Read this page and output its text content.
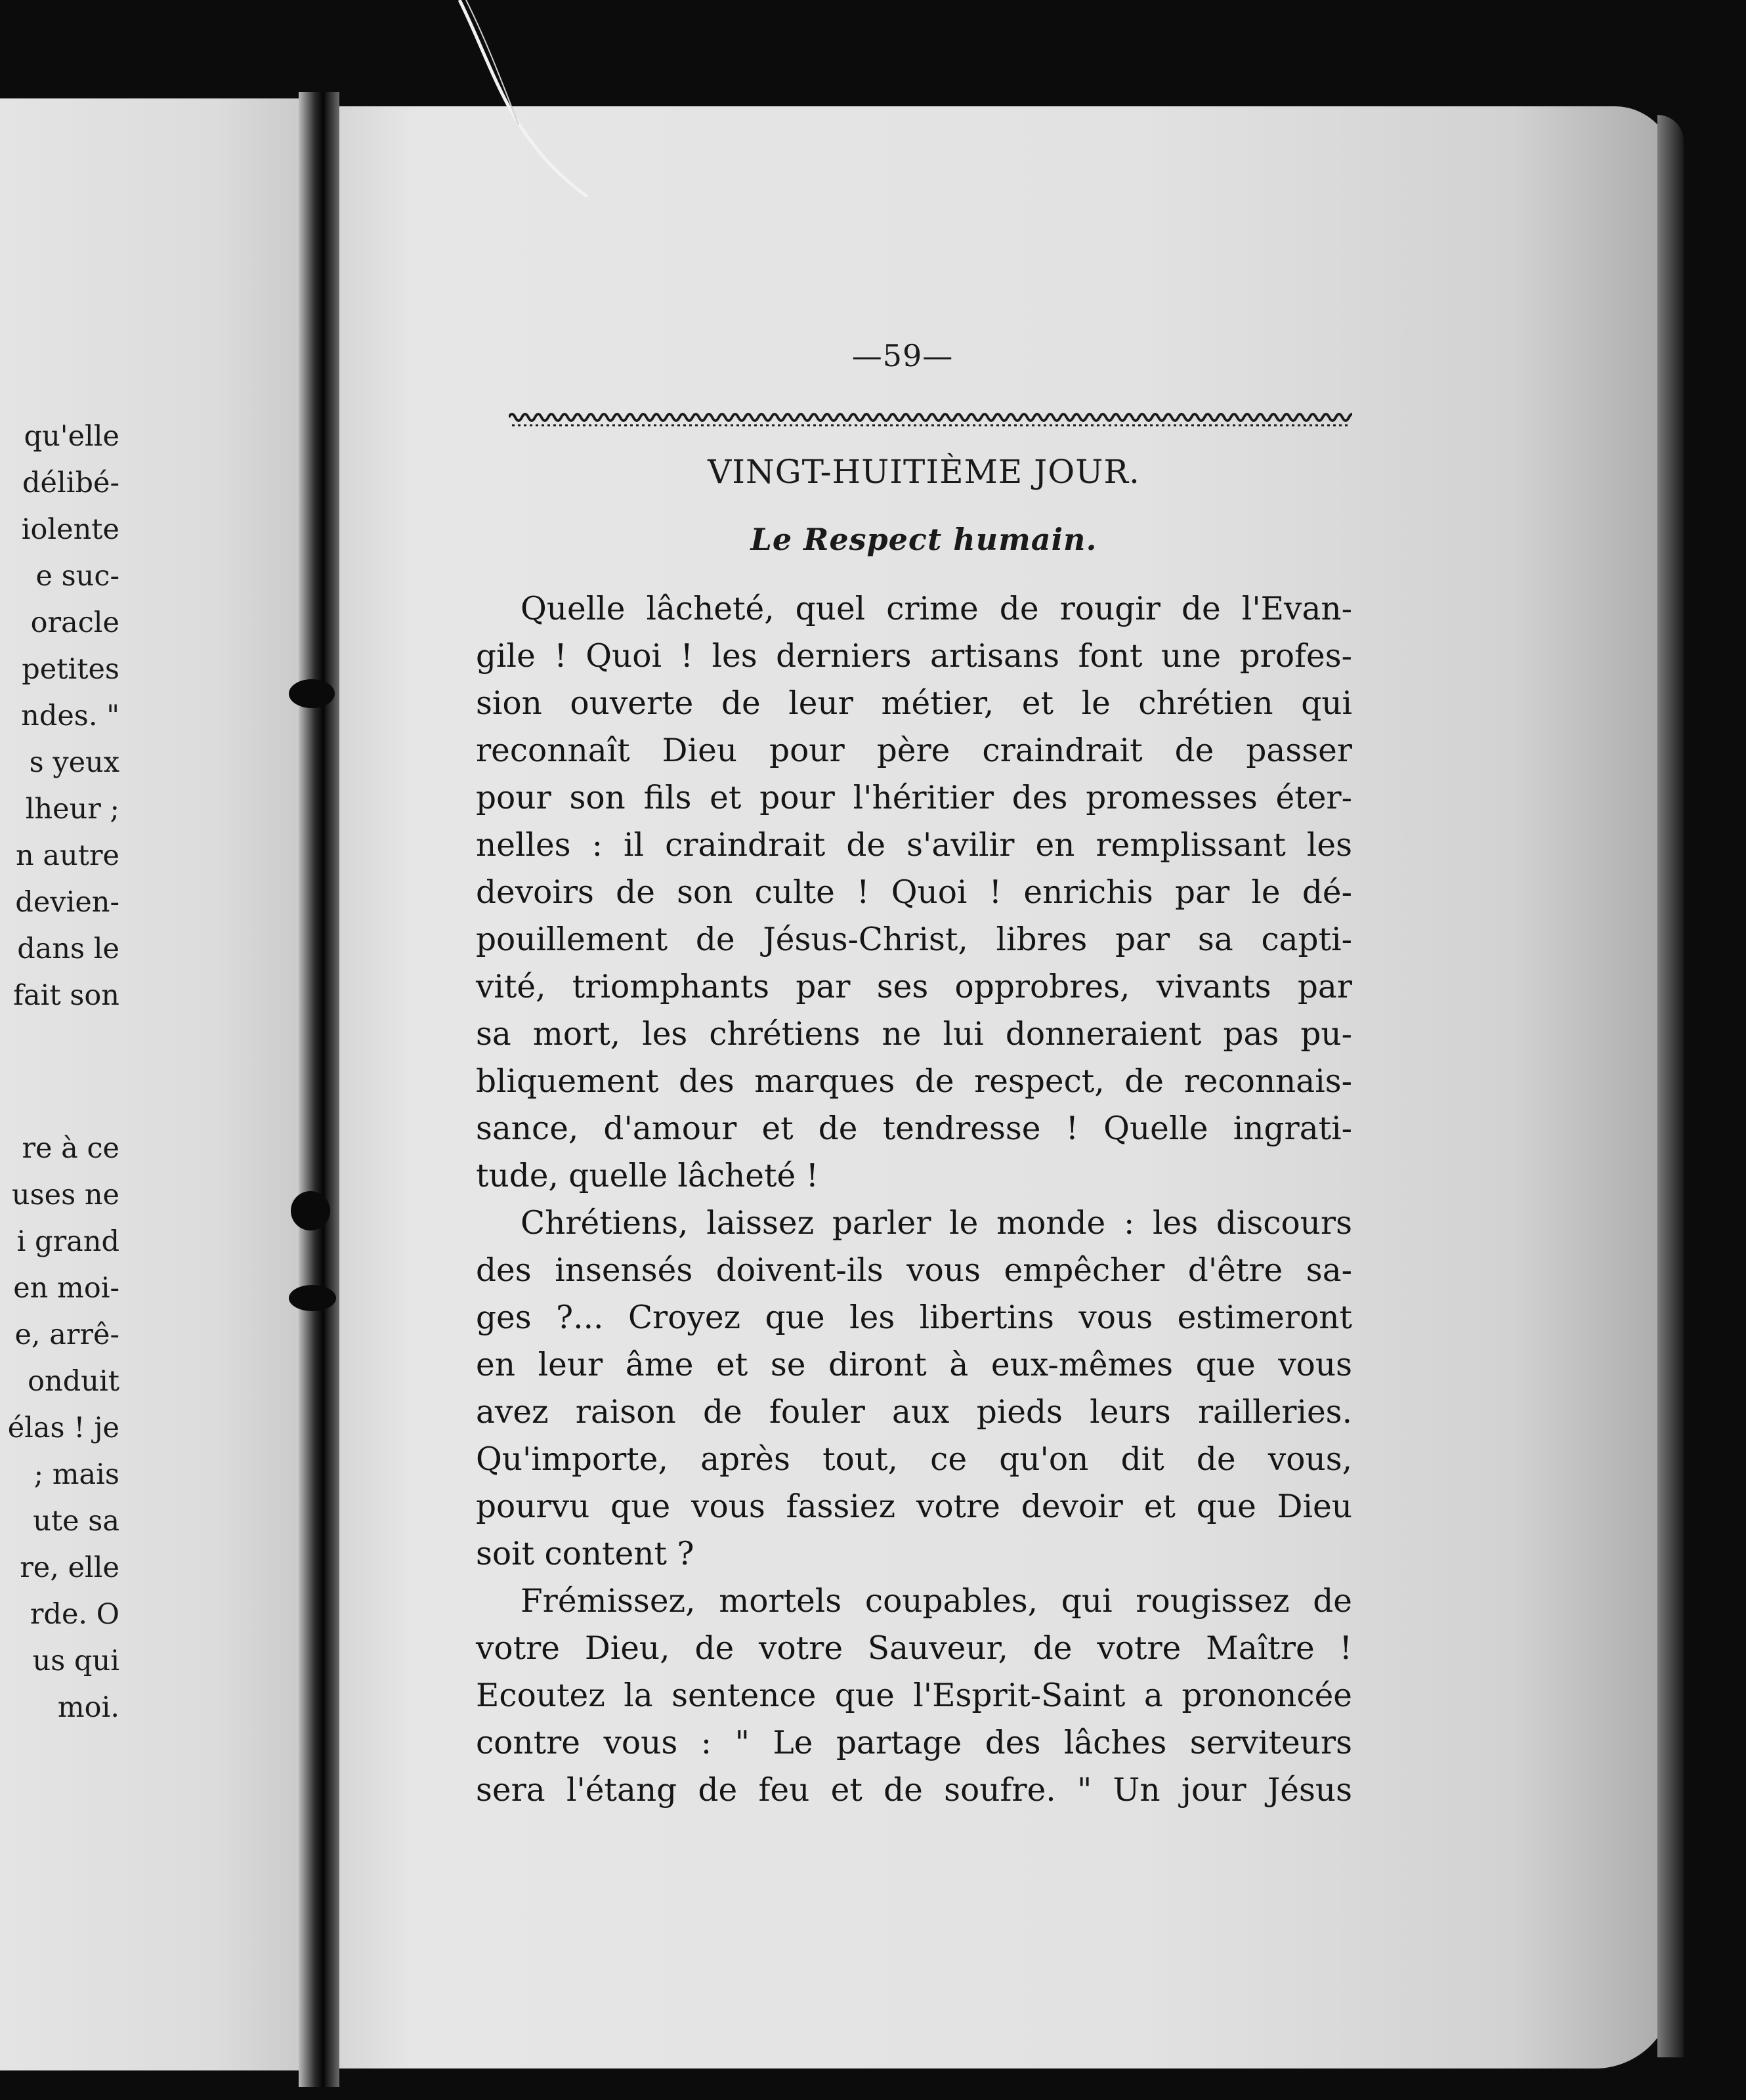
qu'elle
délibé-
iolente
e suc-
oracle
petites
ndes. "
s yeux
lheur ;
n autre
devien-
dans le
fait son
re à ce
uses ne
i grand
en moi-
e, arrê-
onduit
élas ! je
; mais
ute sa
re, elle
rde. O
us qui
moi.
—59—
VINGT-HUITIÈME JOUR.
Le Respect humain.
Quelle lâcheté, quel crime de rougir de l'Evan-
gile ! Quoi ! les derniers artisans font une profes-
sion ouverte de leur métier, et le chrétien qui
reconnaît Dieu pour père craindrait de passer
pour son fils et pour l'héritier des promesses éter-
nelles : il craindrait de s'avilir en remplissant les
devoirs de son culte ! Quoi ! enrichis par le dé-
pouillement de Jésus-Christ, libres par sa capti-
vité, triomphants par ses opprobres, vivants par
sa mort, les chrétiens ne lui donneraient pas pu-
bliquement des marques de respect, de reconnais-
sance, d'amour et de tendresse ! Quelle ingrati-
tude, quelle lâcheté !
Chrétiens, laissez parler le monde : les discours
des insensés doivent-ils vous empêcher d'être sa-
ges ?... Croyez que les libertins vous estimeront
en leur âme et se diront à eux-mêmes que vous
avez raison de fouler aux pieds leurs railleries.
Qu'importe, après tout, ce qu'on dit de vous,
pourvu que vous fassiez votre devoir et que Dieu
soit content ?
Frémissez, mortels coupables, qui rougissez de
votre Dieu, de votre Sauveur, de votre Maître !
Ecoutez la sentence que l'Esprit-Saint a prononcée
contre vous : " Le partage des lâches serviteurs
sera l'étang de feu et de soufre. " Un jour Jésus
